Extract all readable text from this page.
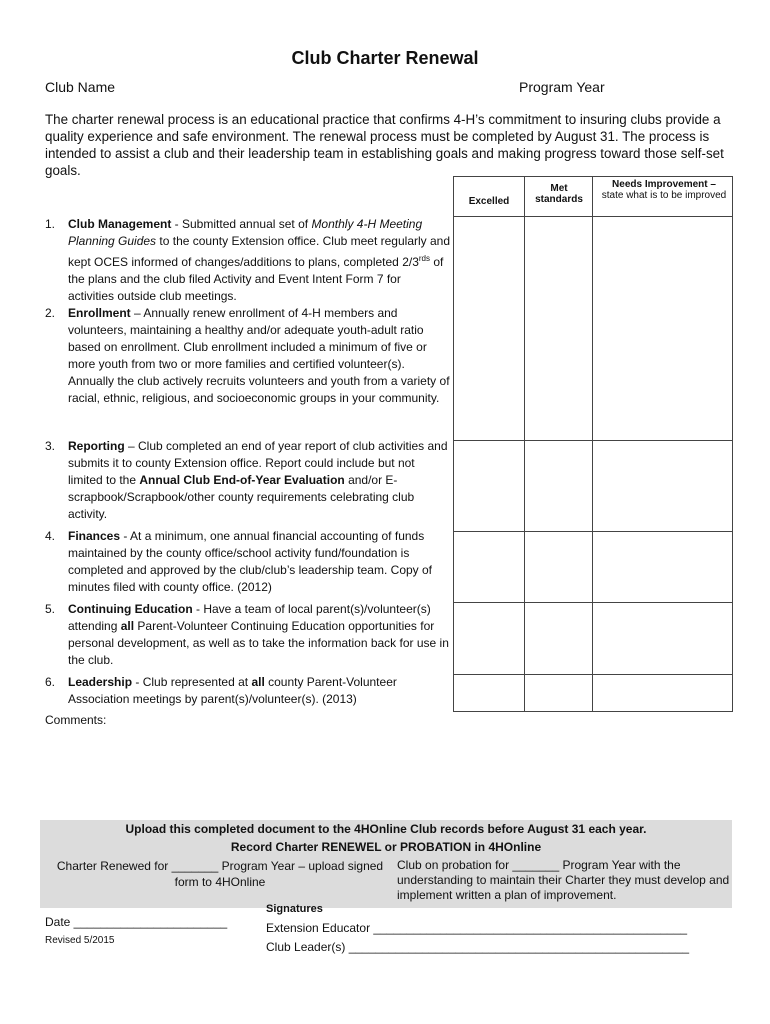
Club Charter Renewal
Club Name	Program Year
The charter renewal process is an educational practice that confirms 4-H’s commitment to insuring clubs provide a quality experience and safe environment. The renewal process must be completed by August 31. The process is intended to assist a club and their leadership team in establishing goals and making progress toward those self-set goals.
Excelled
Met standards
Needs Improvement –
state what is to be improved
1. Club Management - Submitted annual set of Monthly 4-H Meeting Planning Guides to the county Extension office. Club meet regularly and kept OCES informed of changes/additions to plans, completed $2/3^{rds}$ of the plans and the club filed Activity and Event Intent Form 7 for activities outside club meetings.
2. Enrollment – Annually renew enrollment of 4-H members and volunteers, maintaining a healthy and/or adequate youth-adult ratio based on enrollment. Club enrollment included a minimum of five or more youth from two or more families and certified volunteer(s). Annually the club actively recruits volunteers and youth from a variety of racial, ethnic, religious, and socioeconomic groups in your community.
3. Reporting – Club completed an end of year report of club activities and submits it to county Extension office. Report could include but not limited to the Annual Club End-of-Year Evaluation and/or E-scrapbook/Scrapbook/other county requirements celebrating club activity.
4. Finances - At a minimum, one annual financial accounting of funds maintained by the county office/school activity fund/foundation is completed and approved by the club/club’s leadership team. Copy of minutes filed with county office. (2012)
5. Continuing Education - Have a team of local parent(s)/volunteer(s) attending all Parent-Volunteer Continuing Education opportunities for personal development, as well as to take the information back for use in the club.
6. Leadership - Club represented at all county Parent-Volunteer Association meetings by parent(s)/volunteer(s). (2013)
Comments:
Upload this completed document to the 4HOnline Club records before August 31 each year.
Record Charter RENEWEL or PROBATION in 4HOnline
Charter Renewed for _______ Program Year – upload signed form to 4HOnline
Club on probation for _______ Program Year with the understanding to maintain their Charter they must develop and implement written a plan of improvement.
Signatures
Date _______________________
Revised 5/2015
Extension Educator _______________________________________________
Club Leader(s) ___________________________________________________
